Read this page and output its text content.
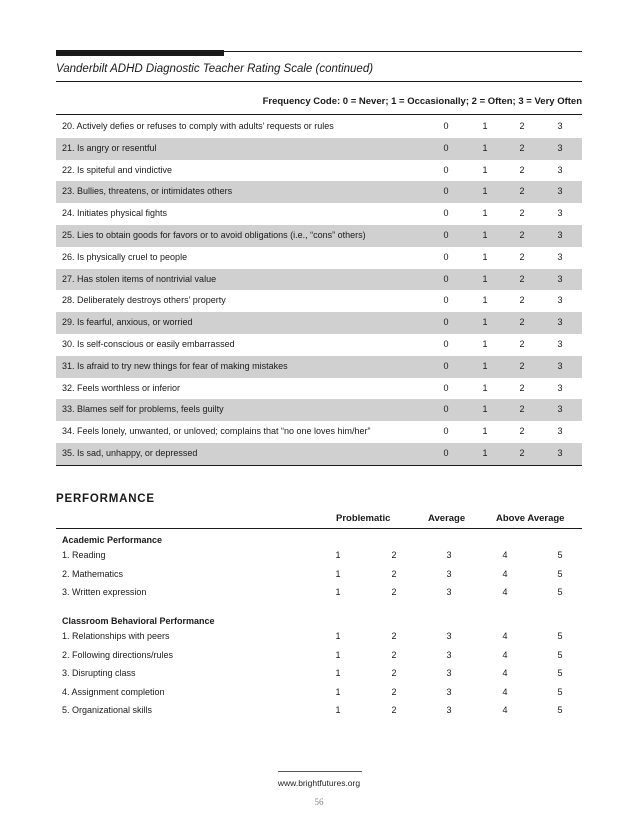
Vanderbilt ADHD Diagnostic Teacher Rating Scale (continued)
Frequency Code: 0 = Never; 1 = Occasionally; 2 = Often; 3 = Very Often
20. Actively defies or refuses to comply with adults’ requests or rules	0	1	2	3
21. Is angry or resentful	0	1	2	3
22. Is spiteful and vindictive	0	1	2	3
23. Bullies, threatens, or intimidates others	0	1	2	3
24. Initiates physical fights	0	1	2	3
25. Lies to obtain goods for favors or to avoid obligations (i.e., “cons” others)	0	1	2	3
26. Is physically cruel to people	0	1	2	3
27. Has stolen items of nontrivial value	0	1	2	3
28. Deliberately destroys others’ property	0	1	2	3
29. Is fearful, anxious, or worried	0	1	2	3
30. Is self-conscious or easily embarrassed	0	1	2	3
31. Is afraid to try new things for fear of making mistakes	0	1	2	3
32. Feels worthless or inferior	0	1	2	3
33. Blames self for problems, feels guilty	0	1	2	3
34. Feels lonely, unwanted, or unloved; complains that “no one loves him/her”	0	1	2	3
35. Is sad, unhappy, or depressed	0	1	2	3
PERFORMANCE
Problematic	Average	Above Average
Academic Performance
1. Reading	1	2	3	4	5
2. Mathematics	1	2	3	4	5
3. Written expression	1	2	3	4	5
Classroom Behavioral Performance
1. Relationships with peers	1	2	3	4	5
2. Following directions/rules	1	2	3	4	5
3. Disrupting class	1	2	3	4	5
4. Assignment completion	1	2	3	4	5
5. Organizational skills	1	2	3	4	5
www.brightfutures.org
56
